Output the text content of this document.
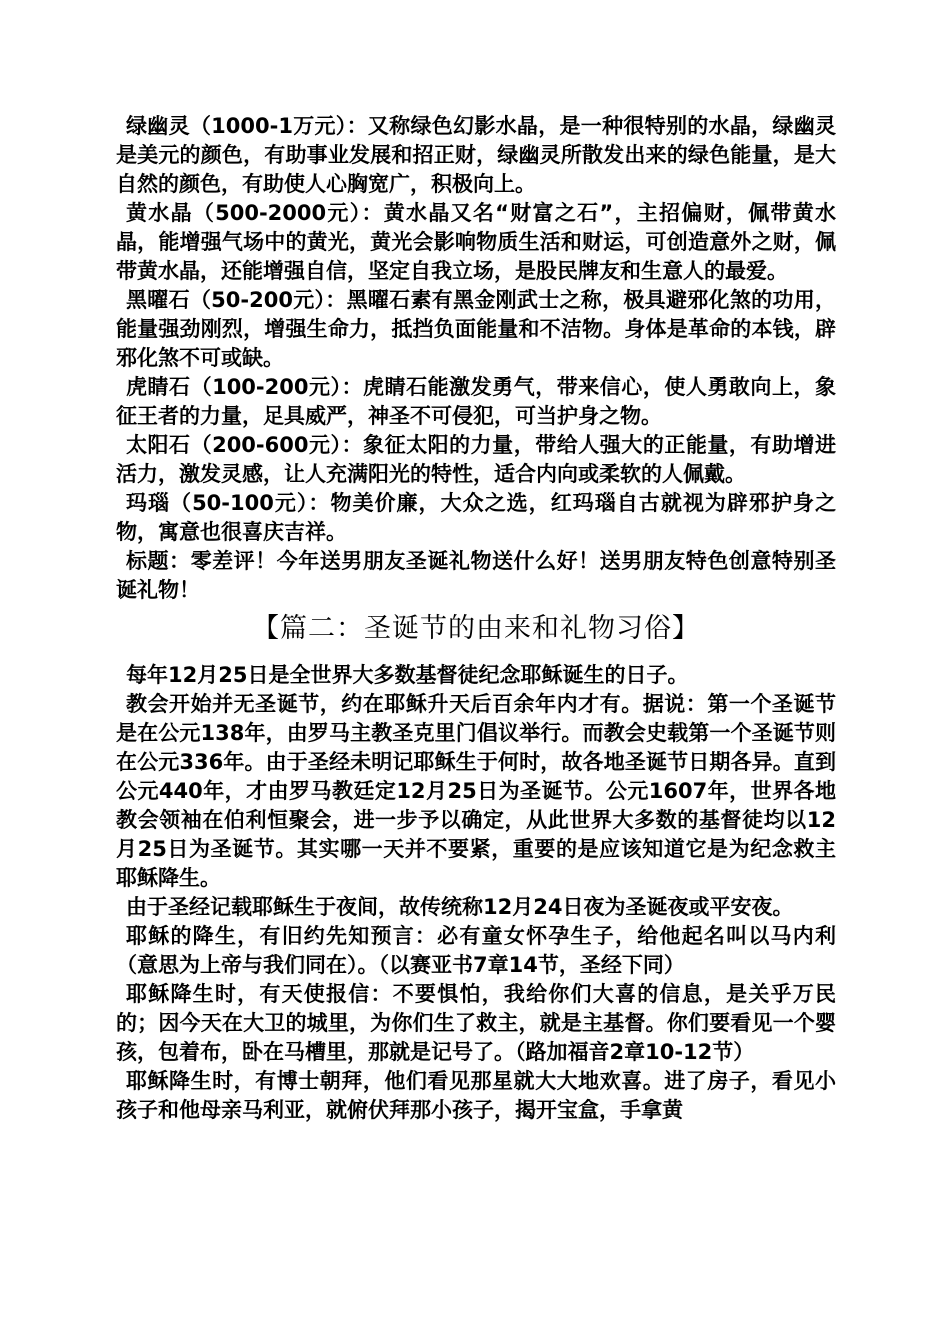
绿幽灵（1000-1万元）：又称绿色幻影水晶，是一种很特别的水晶，绿幽灵是美元的颜色，有助事业发展和招正财，绿幽灵所散发出来的绿色能量，是大自然的颜色，有助使人心胸宽广，积极向上。

黄水晶（500-2000元）：黄水晶又名“财富之石”，主招偏财，佩带黄水晶，能增强气场中的黄光，黄光会影响物质生活和财运，可创造意外之财，佩带黄水晶，还能增强自信，坚定自我立场，是股民牌友和生意人的最爱。

黑曜石（50-200元）：黑曜石素有黑金刚武士之称，极具避邪化煞的功用，能量强劲刚烈，增强生命力，抵挡负面能量和不洁物。身体是革命的本钱，辟邪化煞不可或缺。

虎睛石（100-200元）：虎睛石能激发勇气，带来信心，使人勇敢向上，象征王者的力量，足具威严，神圣不可侵犯，可当护身之物。

太阳石（200-600元）：象征太阳的力量，带给人强大的正能量，有助增进活力，激发灵感，让人充满阳光的特性，适合内向或柔软的人佩戴。

玛瑙（50-100元）：物美价廉，大众之选，红玛瑙自古就视为辟邪护身之物，寓意也很喜庆吉祥。

标题：零差评！今年送男朋友圣诞礼物送什么好！送男朋友特色创意特别圣诞礼物！

【篇二：圣诞节的由来和礼物习俗】

每年12月25日是全世界大多数基督徒纪念耶稣诞生的日子。

教会开始并无圣诞节，约在耶稣升天后百余年内才有。据说：第一个圣诞节是在公元138年，由罗马主教圣克里门倡议举行。而教会史载第一个圣诞节则在公元336年。由于圣经未明记耶稣生于何时，故各地圣诞节日期各异。直到公元440年，才由罗马教廷定12月25日为圣诞节。公元1607年，世界各地教会领袖在伯利恒聚会，进一步予以确定，从此世界大多数的基督徒均以12月25日为圣诞节。其实哪一天并不要紧，重要的是应该知道它是为纪念救主耶稣降生。

由于圣经记载耶稣生于夜间，故传统称12月24日夜为圣诞夜或平安夜。

耶稣的降生，有旧约先知预言：必有童女怀孕生子，给他起名叫以马内利（意思为上帝与我们同在）。（以赛亚书7章14节，圣经下同）

耶稣降生时，有天使报信：不要惧怕，我给你们大喜的信息，是关乎万民的；因今天在大卫的城里，为你们生了救主，就是主基督。你们要看见一个婴孩，包着布，卧在马槽里，那就是记号了。（路加福音2章10-12节）

耶稣降生时，有博士朝拜，他们看见那星就大大地欢喜。进了房子，看见小孩子和他母亲马利亚，就俯伏拜那小孩子，揭开宝盒，手拿黄
